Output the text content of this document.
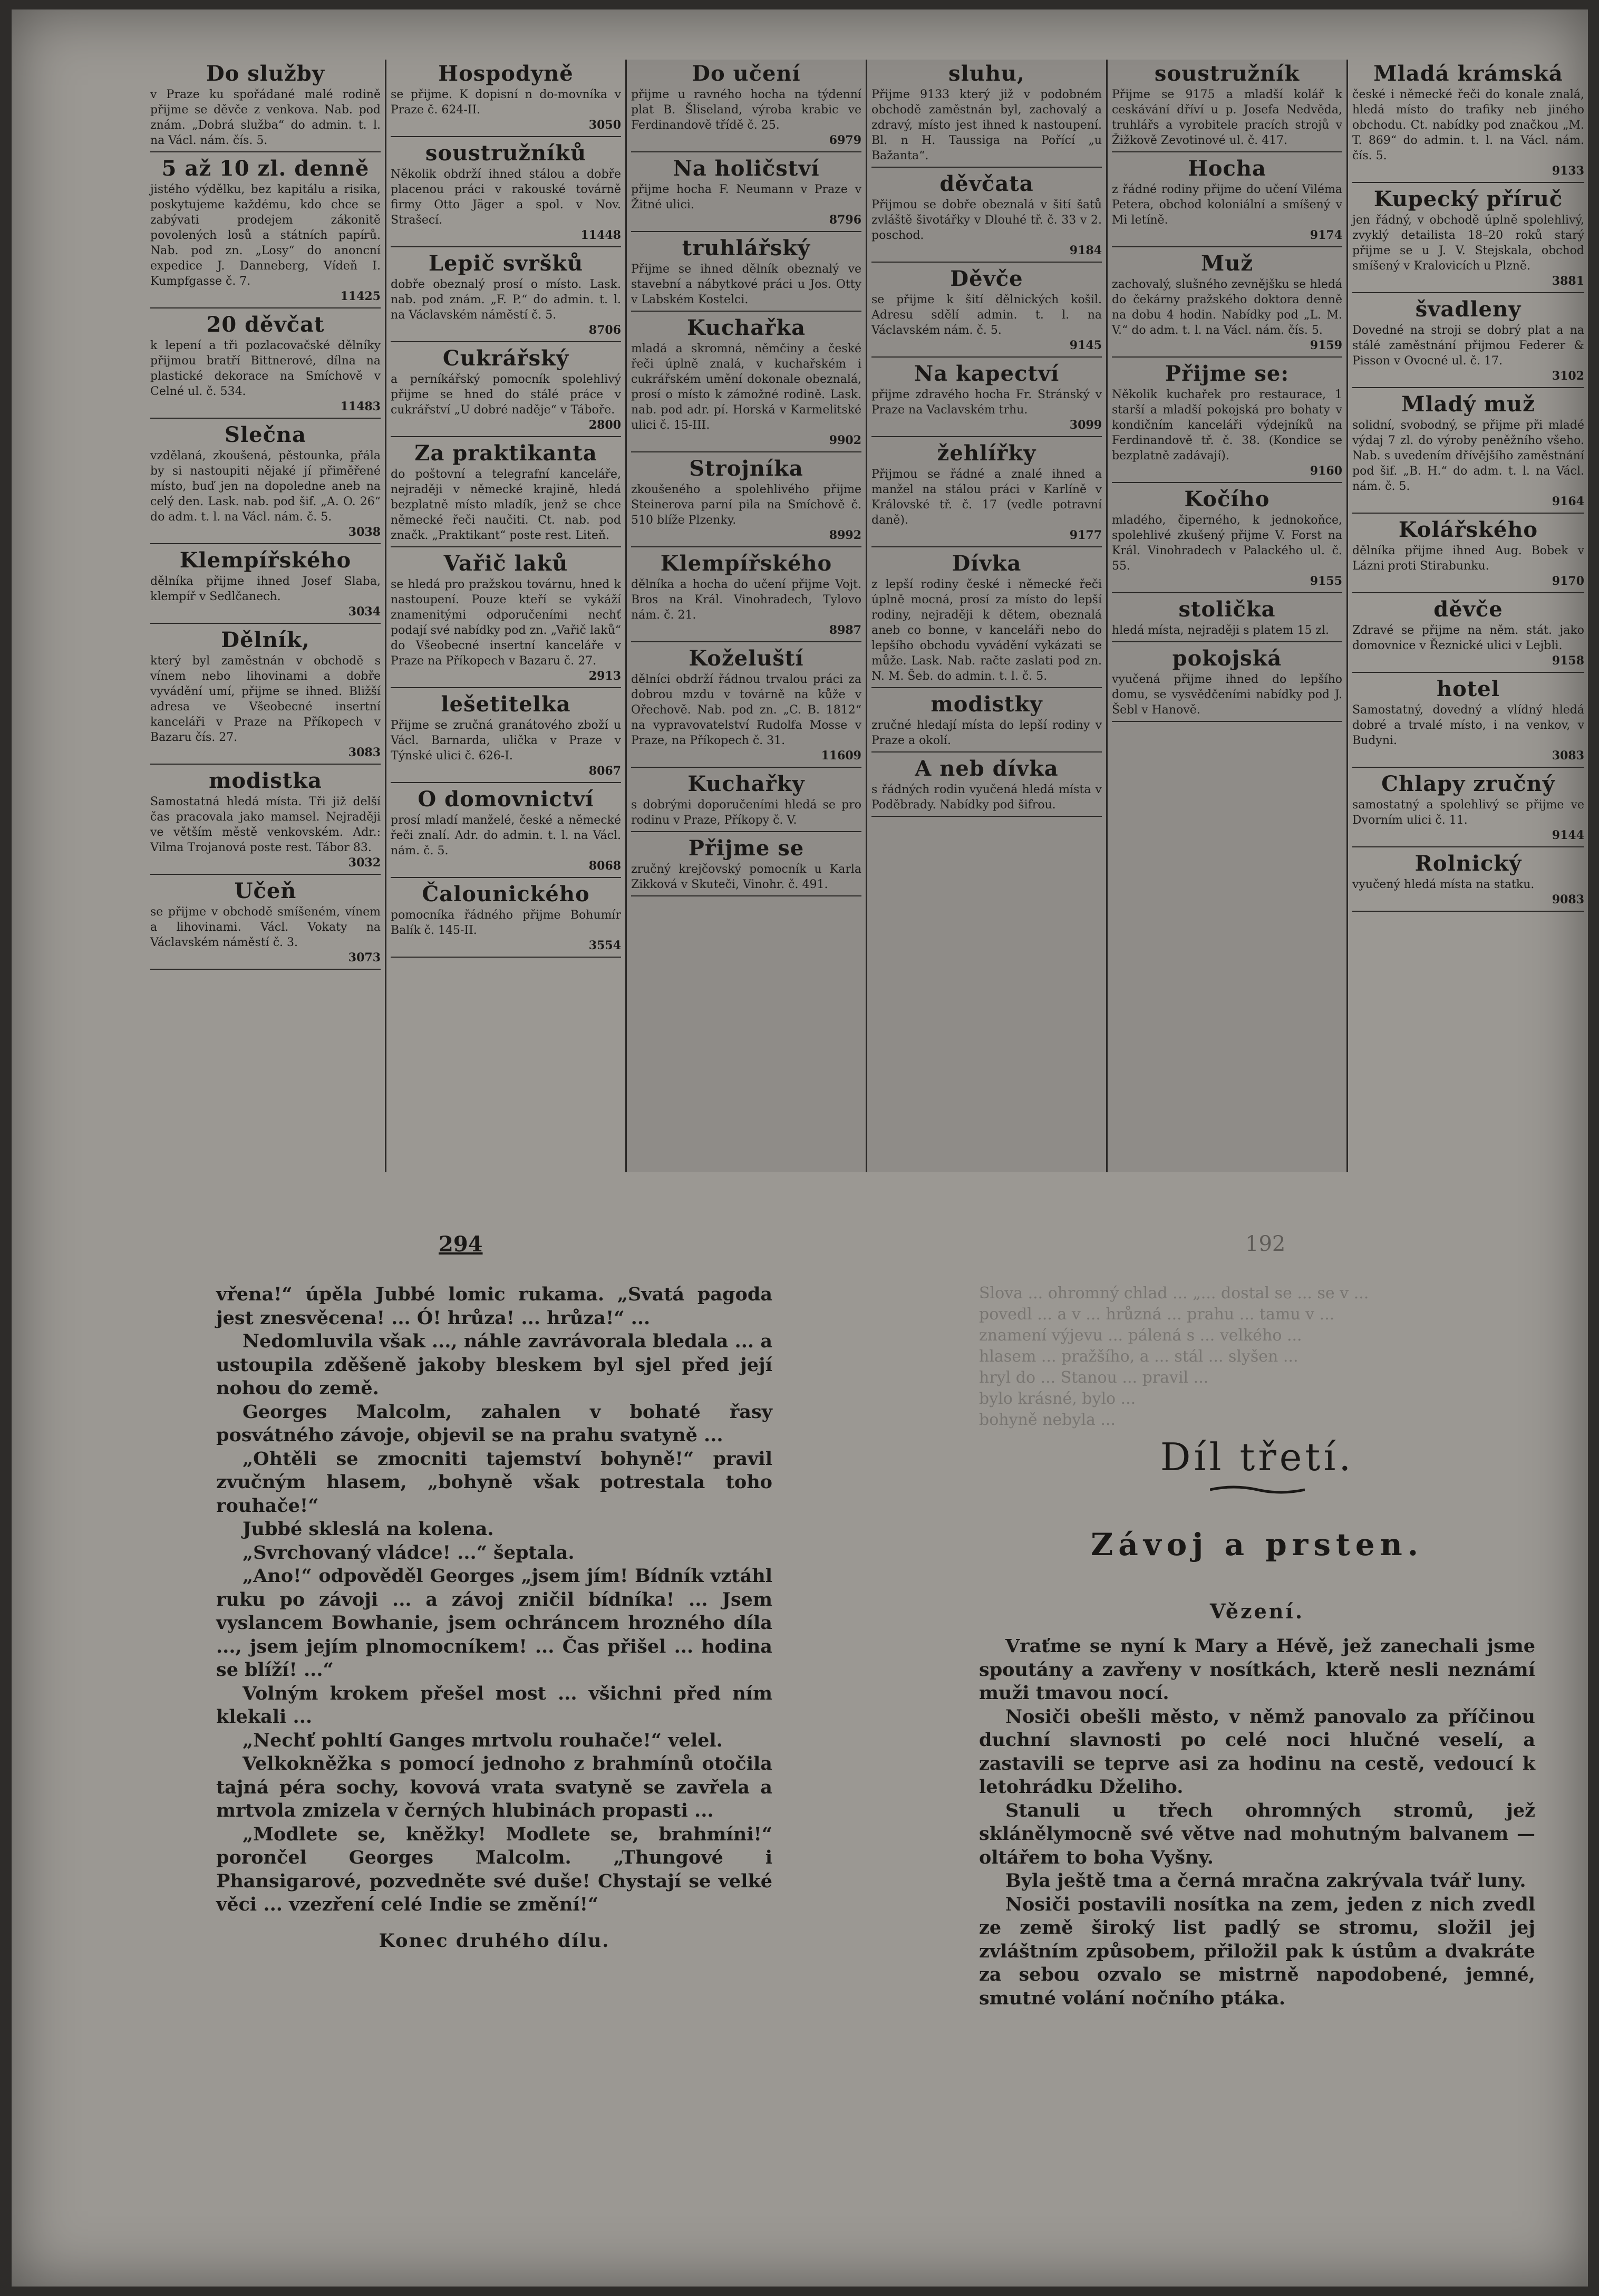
Do služby

v Praze ku spořádané malé rodině přijme se děvče z venkova. Nab. pod znám. „Dobrá služba“ do admin. t. l. na Václ. nám. čís. 5.

5 až 10 zl. denně

jistého výdělku, bez kapitálu a risika, poskytujeme každému, kdo chce se zabývati prodejem zákonitě povolených losů a státních papírů. Nab. pod zn. „Losy“ do anoncní expedice J. Danneberg, Vídeň I. Kumpfgasse č. 7.

11425

20 děvčat

k lepení a tři pozlacovačské dělníky přijmou bratří Bittnerové, dílna na plastické dekorace na Smíchově v Celné ul. č. 534.

11483

Slečna

vzdělaná, zkoušená, pěstounka, přála by si nastoupiti nějaké jí přiměřené místo, buď jen na dopoledne aneb na celý den. Lask. nab. pod šif. „A. O. 26“ do adm. t. l. na Václ. nám. č. 5.

3038

Klempířského

dělníka přijme ihned Josef Slaba, klempíř v Sedlčanech.

3034

Dělník,

který byl zaměstnán v obchodě s vínem nebo lihovinami a dobře vyvádění umí, přijme se ihned. Bližší adresa ve Všeobecné insertní kanceláři v Praze na Příkopech v Bazaru čís. 27.

3083

modistka

Samostatná hledá místa. Tři již delší čas pracovala jako mamsel. Nejraději ve větším městě venkovském. Adr.: Vilma Trojanová poste rest. Tábor 83.

3032

Učeň

se přijme v obchodě smíšeném, vínem a lihovinami. Václ. Vokaty na Václavském náměstí č. 3.

3073

Hospodyně

se přijme. K dopisní n do-movníka v Praze č. 624-II.

3050

soustružníků

Několik obdrží ihned stálou a dobře placenou práci v rakouské továrně firmy Otto Jäger a spol. v Nov. Strašecí.

11448

Lepič svršků

dobře obeznalý prosí o místo. Lask. nab. pod znám. „F. P.“ do admin. t. l. na Václavském náměstí č. 5.

8706

Cukrářský

a perníkářský pomocník spolehlivý přijme se hned do stálé práce v cukrářství „U dobré naděje“ v Táboře.

2800

Za praktikanta

do poštovní a telegrafní kanceláře, nejraději v německé krajině, hledá bezplatně místo mladík, jenž se chce německé řeči naučiti. Ct. nab. pod značk. „Praktikant“ poste rest. Liteň.

Vařič laků

se hledá pro pražskou továrnu, hned k nastoupení. Pouze kteří se vykáží znamenitými odporučeními nechť podají své nabídky pod zn. „Vařič laků“ do Všeobecné insertní kanceláře v Praze na Příkopech v Bazaru č. 27.

2913

lešetitelka

Přijme se zručná granátového zboží u Václ. Barnarda, ulička v Praze v Týnské ulici č. 626-I.

8067

O domovnictví

prosí mladí manželé, české a německé řeči znalí. Adr. do admin. t. l. na Václ. nám. č. 5.

8068

Čalounického

pomocníka řádného přijme Bohumír Balík č. 145-II.

3554

Do učení

přijme u ravného hocha na týdenní plat B. Šliseland, výroba krabic ve Ferdinandově třídě č. 25.

6979

Na holičství

přijme hocha F. Neumann v Praze v Žitné ulici.

8796

truhlářský

Přijme se ihned dělník obeznalý ve stavební a nábytkové práci u Jos. Otty v Labském Kostelci.

Kuchařka

mladá a skromná, němčiny a české řeči úplně znalá, v kuchařském i cukrářském umění dokonale obeznalá, prosí o místo k zámožné rodině. Lask. nab. pod adr. pí. Horská v Karmelitské ulici č. 15-III.

9902

Strojníka

zkoušeného a spolehlivého přijme Steinerova parní pila na Smíchově č. 510 blíže Plzenky.

8992

Klempířského

dělníka a hocha do učení přijme Vojt. Bros na Král. Vinohradech, Tylovo nám. č. 21.

8987

Koželuští

dělníci obdrží řádnou trvalou práci za dobrou mzdu v továrně na kůže v Ořechově. Nab. pod zn. „C. B. 1812“ na vypravovatelství Rudolfa Mosse v Praze, na Příkopech č. 31.

11609

Kuchařky

s dobrými doporučeními hledá se pro rodinu v Praze, Příkopy č. V.

Přijme se

zručný krejčovský pomocník u Karla Zikková v Skuteči, Vinohr. č. 491.

sluhu,

Přijme 9133 který již v podobném obchodě zaměstnán byl, zachovalý a zdravý, místo jest ihned k nastoupení. Bl. n H. Taussiga na Pořící „u Bažanta“.

děvčata

Přijmou se dobře obeznalá v šití šatů zvláště šivotářky v Dlouhé tř. č. 33 v 2. poschod.

9184

Děvče

se přijme k šití dělnických košil. Adresu sdělí admin. t. l. na Václavském nám. č. 5.

9145

Na kapectví

přijme zdravého hocha Fr. Stránský v Praze na Vaclavském trhu.

3099

žehlířky

Přijmou se řádné a znalé ihned a manžel na stálou práci v Karlíně v Královské tř. č. 17 (vedle potravní daně).

9177

Dívka

z lepší rodiny české i německé řeči úplně mocná, prosí za místo do lepší rodiny, nejraději k dětem, obeznalá aneb co bonne, v kanceláři nebo do lepšího obchodu vyvádění vykázati se může. Lask. Nab. račte zaslati pod zn. N. M. Šeb. do admin. t. l. č. 5.

modistky

zručné hledají místa do lepší rodiny v Praze a okolí.

A neb dívka

s řádných rodin vyučená hledá místa v Poděbrady. Nabídky pod šifrou.

soustružník

Přijme se 9175 a mladší kolář k ceskávání dříví u p. Josefa Nedvěda, truhlářs a vyrobitele pracích strojů v Žižkově Zevotinové ul. č. 417.

Hocha

z řádné rodiny přijme do učení Viléma Petera, obchod koloniální a smíšený v Mi letíně.

9174

Muž

zachovalý, slušného zevnějšku se hledá do čekárny pražského doktora denně na dobu 4 hodin. Nabídky pod „L. M. V.“ do adm. t. l. na Václ. nám. čís. 5.

9159

Přijme se:

Několik kuchařek pro restaurace, 1 starší a mladší pokojská pro bohaty v kondičním kanceláři výdejníků na Ferdinandově tř. č. 38. (Kondice se bezplatně zadávají).

9160

Kočího

mladého, čiperného, k jednokoňce, spolehlivé zkušený přijme V. Forst na Král. Vinohradech v Palackého ul. č. 55.

9155

stolička

hledá místa, nejraději s platem 15 zl.

pokojská

vyučená přijme ihned do lepšího domu, se vysvědčeními nabídky pod J. Šebl v Hanově.

Mladá krámská

české i německé řeči do konale znalá, hledá místo do trafiky neb jiného obchodu. Ct. nabídky pod značkou „M. T. 869“ do admin. t. l. na Václ. nám. čís. 5.

9133

Kupecký příruč

jen řádný, v obchodě úplně spolehlivý, zvyklý detailista 18–20 roků starý přijme se u J. V. Stejskala, obchod smíšený v Kralovicích u Plzně.

3881

švadleny

Dovedné na stroji se dobrý plat a na stálé zaměstnání přijmou Federer & Pisson v Ovocné ul. č. 17.

3102

Mladý muž

solidní, svobodný, se přijme při mladé výdaj 7 zl. do výroby peněžního všeho. Nab. s uvedením dřívějšího zaměstnání pod šif. „B. H.“ do adm. t. l. na Václ. nám. č. 5.

9164

Kolářského

dělníka přijme ihned Aug. Bobek v Lázni proti Stirabunku.

9170

děvče

Zdravé se přijme na něm. stát. jako domovnice v Řeznické ulici v Lejbli.

9158

hotel

Samostatný, dovedný a vlídný hledá dobré a trvalé místo, i na venkov, v Budyni.

3083

Chlapy zručný

samostatný a spolehlivý se přijme ve Dvorním ulici č. 11.

9144

Rolnický

vyučený hledá místa na statku.

9083

294	192

vřena!“ úpěla Jubbé lomic rukama. „Svatá pagoda jest znesvěcena! ... Ó! hrůza! ... hrůza!“ ...

Nedomluvila však ..., náhle zavrávorala bledala ... a ustoupila zděšeně jakoby bleskem byl sjel před její nohou do země.

Georges Malcolm, zahalen v bohaté řasy posvátného závoje, objevil se na prahu svatyně ...

„Ohtěli se zmocniti tajemství bohyně!“ pravil zvučným hlasem, „bohyně však potrestala toho rouhače!“

Jubbé skleslá na kolena.

„Svrchovaný vládce! ...“ šeptala.

„Ano!“ odpověděl Georges „jsem jím! Bídník vztáhl ruku po závoji ... a závoj zničil bídníka! ... Jsem vyslancem Bowhanie, jsem ochráncem hrozného díla ..., jsem jejím plnomocníkem! ... Čas přišel ... hodina se blíží! ...“

Volným krokem přešel most ... všichni před ním klekali ...

„Nechť pohltí Ganges mrtvolu rouhače!“ velel.

Velkokněžka s pomocí jednoho z brahmínů otočila tajná péra sochy, kovová vrata svatyně se zavřela a mrtvola zmizela v černých hlubinách propasti ...

„Modlete se, kněžky! Modlete se, brahmíni!“ porončel Georges Malcolm. „Thungové i Phansigarové, pozvedněte své duše! Chystají se velké věci ... vzezření celé Indie se změní!“

Konec druhého dílu.

Slova ... ohromný chlad ... „... dostal se ... se v ...
povedl ... a v ... hrůzná ... prahu ... tamu v ...
znamení výjevu ... pálená s ... velkého ...
hlasem ... pražšího, a ... stál ... slyšen ...
hryl do ... Stanou ... pravil ...
bylo krásné, bylo ...
bohyně nebyla ...
Díl třetí.
Závoj a prsten.
Vězení.

Vraťme se nyní k Mary a Hévě, jež zanechali jsme spoutány a zavřeny v nosítkách, kterě nesli neznámí muži tmavou nocí.

Nosiči obešli město, v němž panovalo za příčinou duchní slavnosti po celé noci hlučné veselí, a zastavili se teprve asi za hodinu na cestě, vedoucí k letohrádku Dželiho.

Stanuli u třech ohromných stromů, jež sklánělymocně své větve nad mohutným balvanem — oltářem to boha Vyšny.

Byla ještě tma a černá mračna zakrývala tvář luny.

Nosiči postavili nosítka na zem, jeden z nich zvedl ze země široký list padlý se stromu, složil jej zvláštním způsobem, přiložil pak k ústům a dvakráte za sebou ozvalo se mistrně napodobené, jemné, smutné volání nočního ptáka.
